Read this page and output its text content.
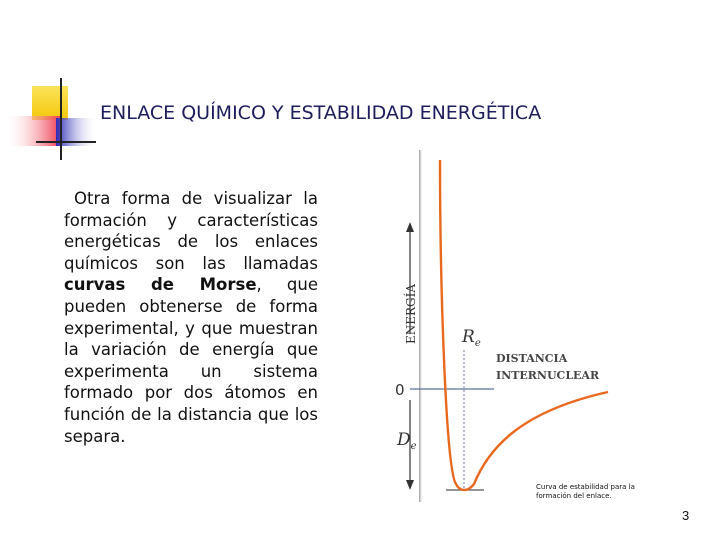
ENLACE QUÍMICO Y ESTABILIDAD ENERGÉTICA
Otra forma de visualizar la formación y características energéticas de los enlaces químicos son las llamadas curvas de Morse, que pueden obtenerse de forma experimental, y que muestran la variación de energía que experimenta un sistema formado por dos átomos en función de la distancia que los separa.
ENERGÍA	$R_e$
DISTANCIA
INTERNUCLEAR
0
$D_e$
Curva de estabilidad para la formación del enlace.
3
